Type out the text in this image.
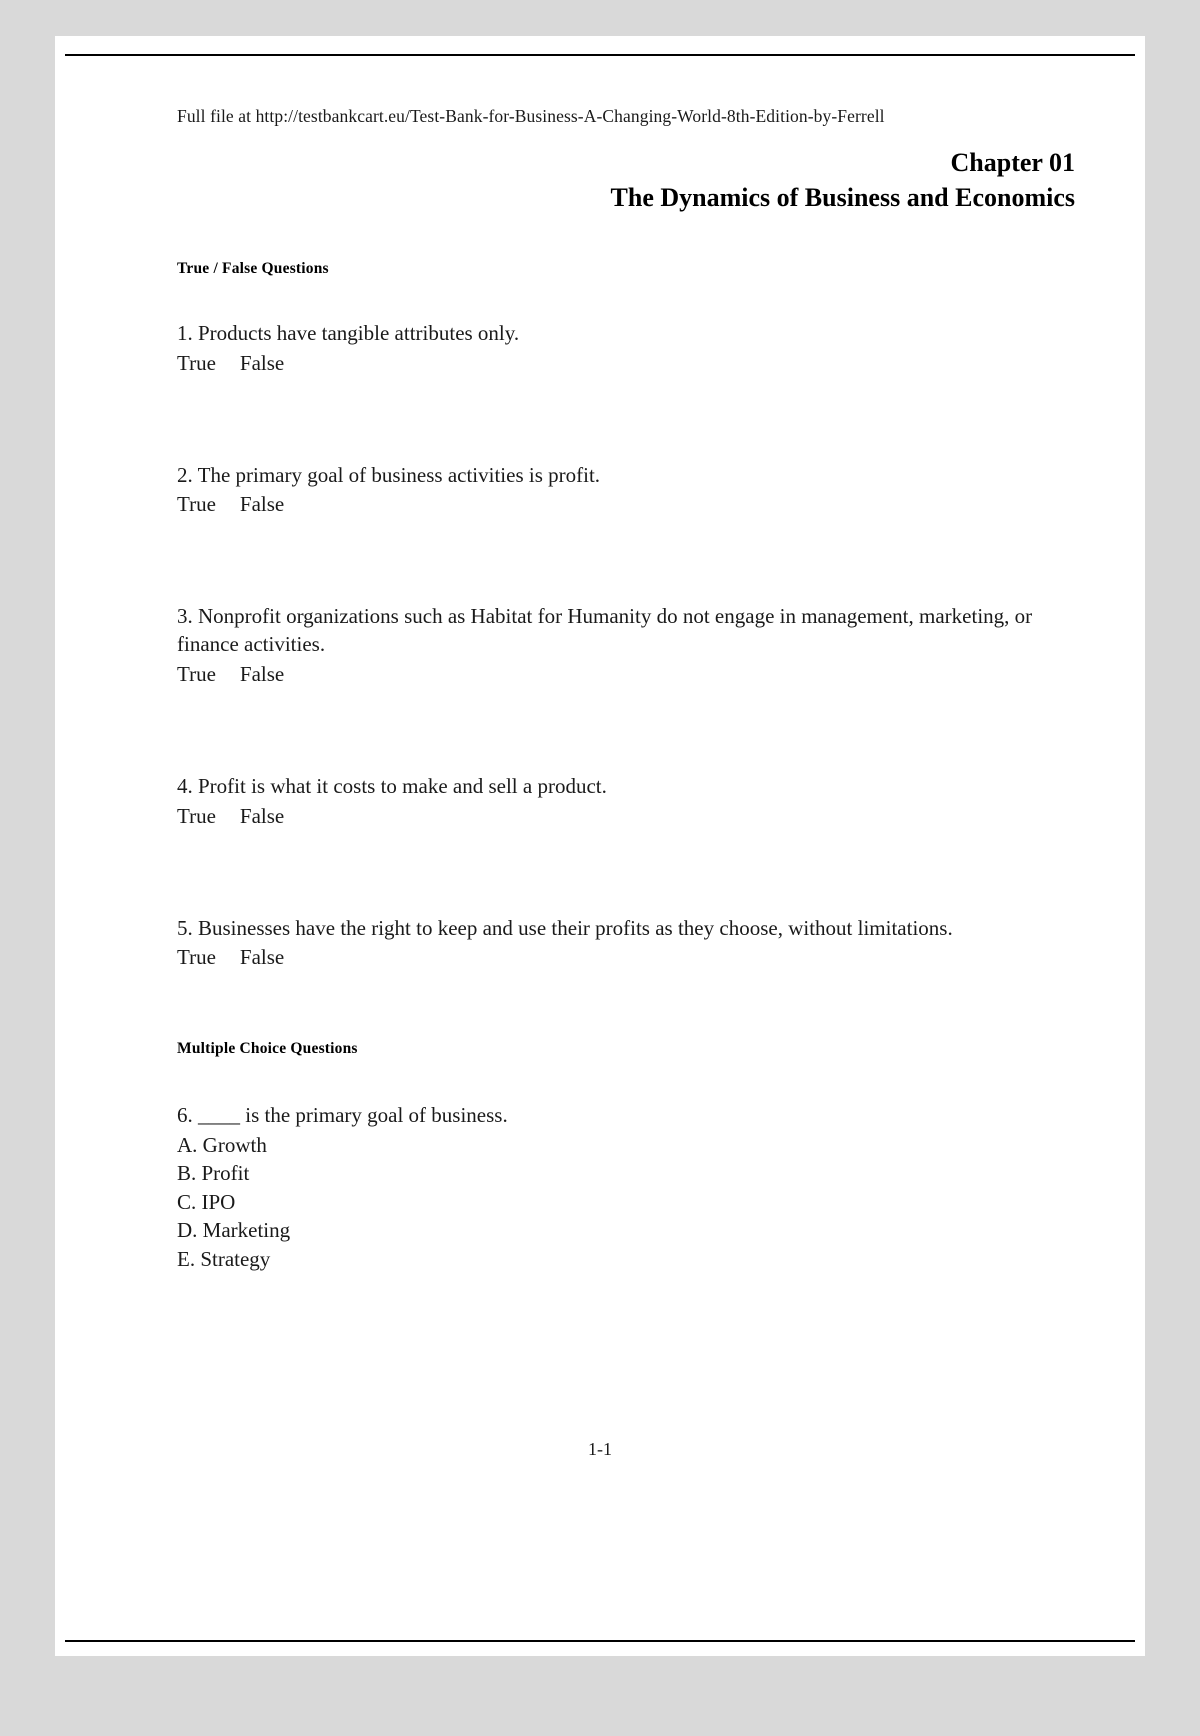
Full file at http://testbankcart.eu/Test-Bank-for-Business-A-Changing-World-8th-Edition-by-Ferrell
Chapter 01
The Dynamics of Business and Economics
True / False Questions
1. Products have tangible attributes only.
True False
2. The primary goal of business activities is profit.
True False
3. Nonprofit organizations such as Habitat for Humanity do not engage in management, marketing, or finance activities.
True False
4. Profit is what it costs to make and sell a product.
True False
5. Businesses have the right to keep and use their profits as they choose, without limitations.
True False
Multiple Choice Questions
6. ____ is the primary goal of business.
A. Growth
B. Profit
C. IPO
D. Marketing
E. Strategy
1-1
